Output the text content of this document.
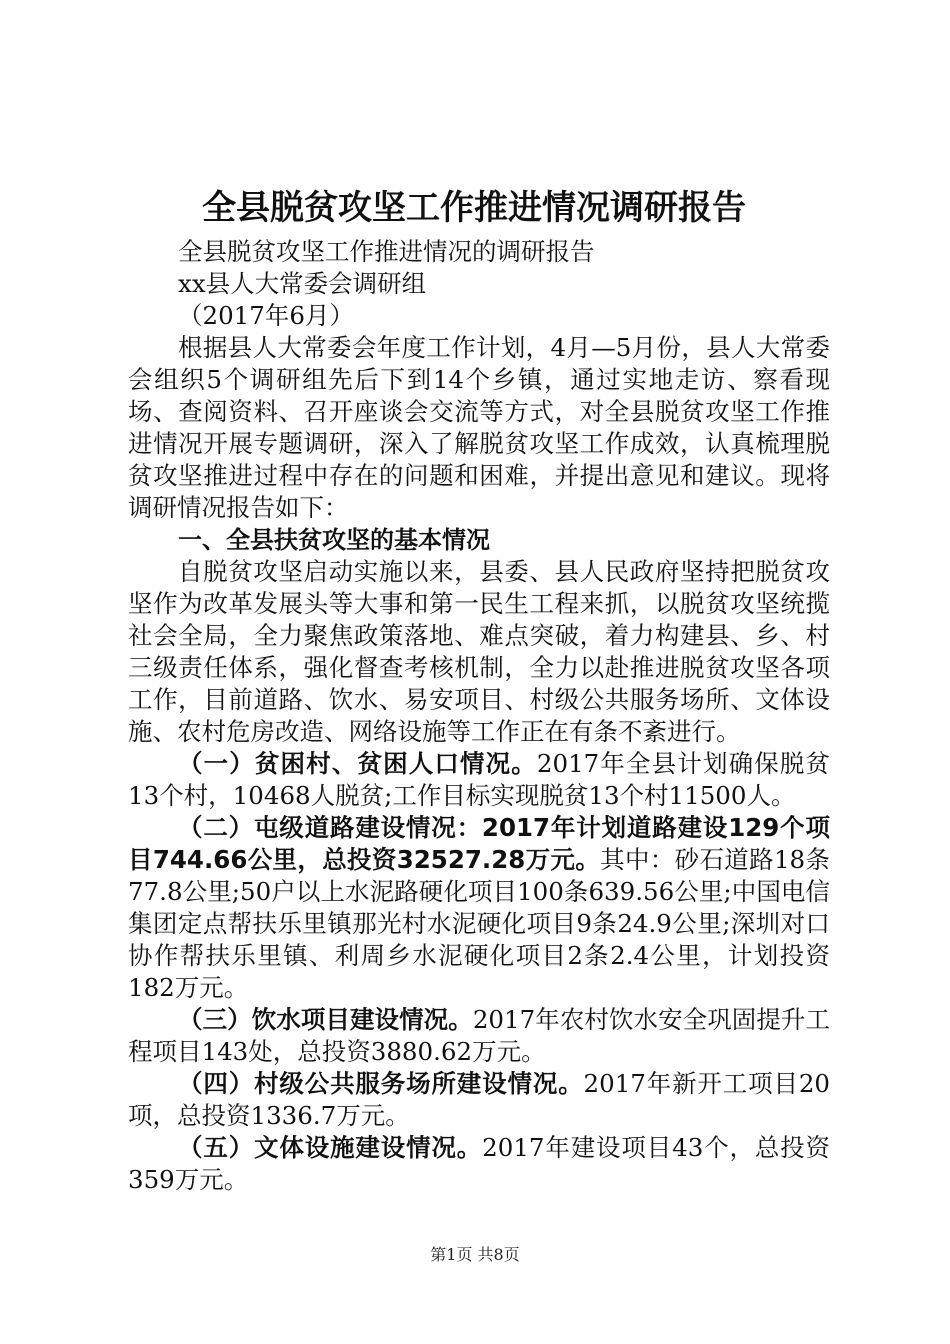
全县脱贫攻坚工作推进情况调研报告

全县脱贫攻坚工作推进情况的调研报告

xx县人大常委会调研组

（2017年6月）

根据县人大常委会年度工作计划，4月—5月份，县人大常委会组织5个调研组先后下到14个乡镇，通过实地走访、察看现场、查阅资料、召开座谈会交流等方式，对全县脱贫攻坚工作推进情况开展专题调研，深入了解脱贫攻坚工作成效，认真梳理脱贫攻坚推进过程中存在的问题和困难，并提出意见和建议。现将调研情况报告如下：

一、全县扶贫攻坚的基本情况

自脱贫攻坚启动实施以来，县委、县人民政府坚持把脱贫攻坚作为改革发展头等大事和第一民生工程来抓，以脱贫攻坚统揽社会全局，全力聚焦政策落地、难点突破，着力构建县、乡、村三级责任体系，强化督查考核机制，全力以赴推进脱贫攻坚各项工作，目前道路、饮水、易安项目、村级公共服务场所、文体设施、农村危房改造、网络设施等工作正在有条不紊进行。

（一）贫困村、贫困人口情况。2017年全县计划确保脱贫13个村，10468人脱贫;工作目标实现脱贫13个村11500人。

（二）屯级道路建设情况：2017年计划道路建设129个项目744.66公里，总投资32527.28万元。其中：砂石道路18条77.8公里;50户以上水泥路硬化项目100条639.56公里;中国电信集团定点帮扶乐里镇那光村水泥硬化项目9条24.9公里;深圳对口协作帮扶乐里镇、利周乡水泥硬化项目2条2.4公里，计划投资182万元。

（三）饮水项目建设情况。2017年农村饮水安全巩固提升工程项目143处，总投资3880.62万元。

（四）村级公共服务场所建设情况。2017年新开工项目20项，总投资1336.7万元。

（五）文体设施建设情况。2017年建设项目43个，总投资359万元。

第1页 共8页
